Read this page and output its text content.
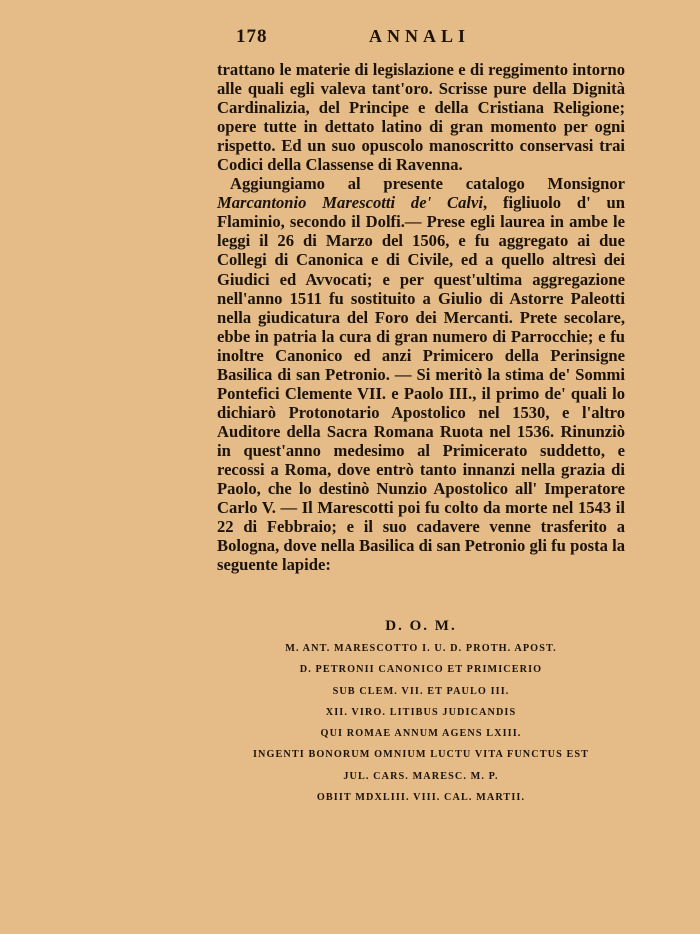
178	ANNALI

trattano le materie di legislazione e di reggimento intorno alle quali egli valeva tant'oro. Scrisse pure della Dignità Cardinalizia, del Principe e della Cristiana Religione; opere tutte in dettato latino di gran momento per ogni rispetto. Ed un suo opuscolo manoscritto conservasi trai Codici della Classense di Ravenna.

Aggiungiamo al presente catalogo Monsignor Marcantonio Marescotti de' Calvi, figliuolo d' un Flaminio, secondo il Dolfi.— Prese egli laurea in ambe le leggi il 26 di Marzo del 1506, e fu aggregato ai due Collegi di Canonica e di Civile, ed a quello altresì dei Giudici ed Avvocati; e per quest'ultima aggregazione nell'anno 1511 fu sostituito a Giulio di Astorre Paleotti nella giudicatura del Foro dei Mercanti. Prete secolare, ebbe in patria la cura di gran numero di Parrocchie; e fu inoltre Canonico ed anzi Primicero della Perinsigne Basilica di san Petronio. — Si meritò la stima de' Sommi Pontefici Clemente VII. e Paolo III., il primo de' quali lo dichiarò Protonotario Apostolico nel 1530, e l'altro Auditore della Sacra Romana Ruota nel 1536. Rinunziò in quest'anno medesimo al Primicerato suddetto, e recossi a Roma, dove entrò tanto innanzi nella grazia di Paolo, che lo destinò Nunzio Apostolico all' Imperatore Carlo V. — Il Marescotti poi fu colto da morte nel 1543 il 22 di Febbraio; e il suo cadavere venne trasferito a Bologna, dove nella Basilica di san Petronio gli fu posta la seguente lapide:

D. O. M.
M. ANT. MARESCOTTO I. U. D. PROTH. APOST.
D. PETRONII CANONICO ET PRIMICERIO
SUB CLEM. VII. ET PAULO III.
XII. VIRO. LITIBUS JUDICANDIS
QUI ROMAE ANNUM AGENS LXIII.
INGENTI BONORUM OMNIUM LUCTU VITA FUNCTUS EST
JUL. CARS. MARESC. M. P.
OBIIT MDXLIII. VIII. CAL. MARTII.
